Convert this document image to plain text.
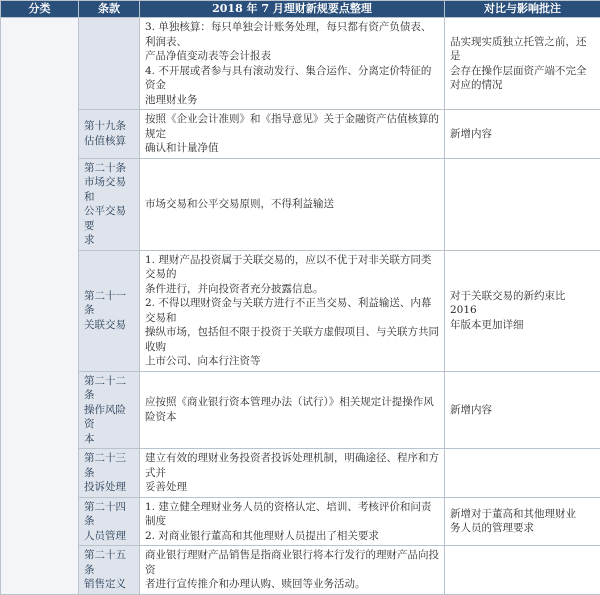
分类	条款	2018 年 7 月理财新规要点整理	对比与影响批注

		3. 单独核算：每只单独会计账务处理，每只都有资产负债表、利润表、
产品净值变动表等会计报表
4. 不开展或者参与具有滚动发行、集合运作、分离定价特征的资金
池理财业务	品实现实质独立托管之前，还是
会存在操作层面资产端不完全
对应的情况

	第十九条
估值核算	按照《企业会计准则》和《指导意见》关于金融资产估值核算的规定
确认和计量净值	新增内容

	第二十条
市场交易和
公平交易要
求	市场交易和公平交易原则，不得利益输送	

	第二十一条
关联交易	1. 理财产品投资属于关联交易的，应以不优于对非关联方同类交易的
条件进行，并向投资者充分披露信息。
2. 不得以理财资金与关联方进行不正当交易、利益输送、内幕交易和
操纵市场，包括但不限于投资于关联方虚假项目、与关联方共同收购
上市公司、向本行注资等	对于关联交易的新约束比 2016
年版本更加详细

	第二十二条
操作风险资
本	应按照《商业银行资本管理办法（试行）》相关规定计提操作风险资本	新增内容

	第二十三条
投诉处理	建立有效的理财业务投资者投诉处理机制，明确途径、程序和方式并
妥善处理	

	第二十四条
人员管理	1. 建立健全理财业务人员的资格认定、培训、考核评价和问责制度
2. 对商业银行董高和其他理财人员提出了相关要求	新增对于董高和其他理财业
务人员的管理要求

	第二十五条
销售定义	商业银行理财产品销售是指商业银行将本行发行的理财产品向投资
者进行宣传推介和办理认购、赎回等业务活动。	
